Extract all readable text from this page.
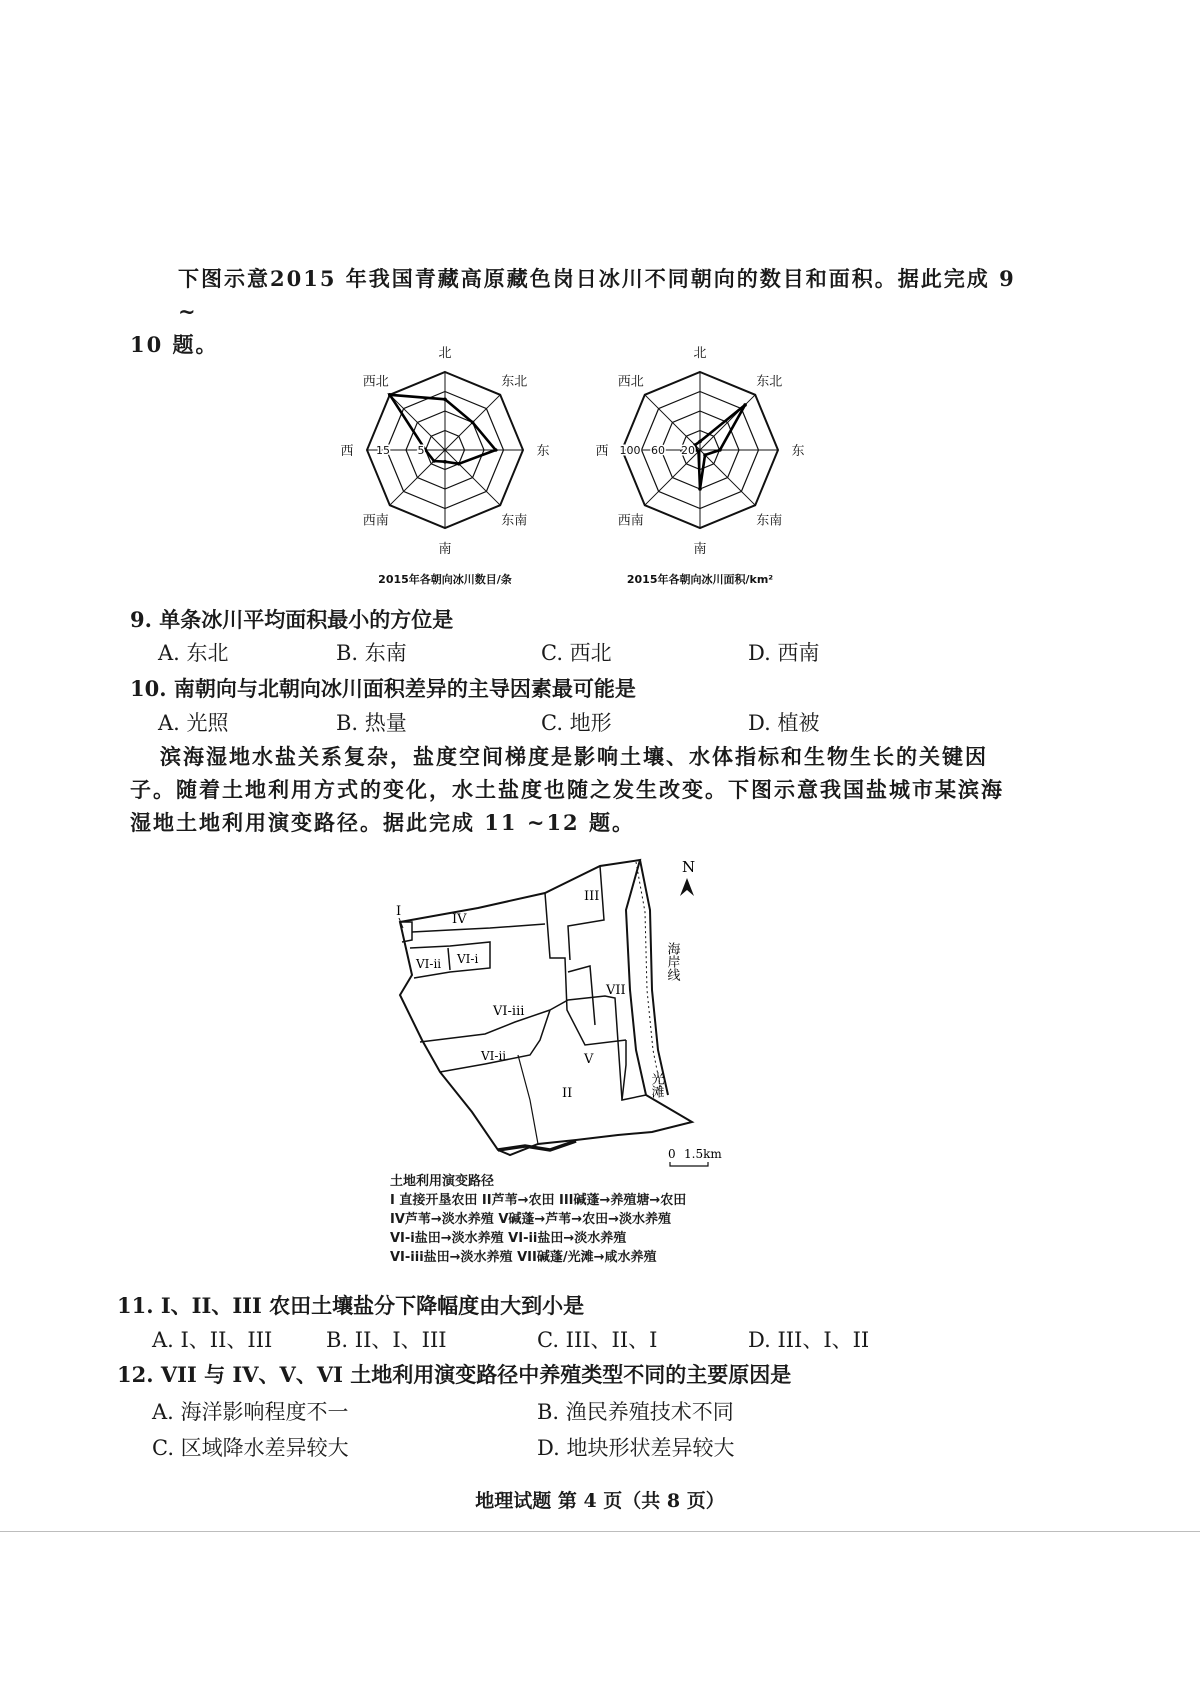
下图示意2015 年我国青藏高原藏色岗日冰川不同朝向的数目和面积。据此完成 9 ~
10 题。	北
东北
东
东南
南
西南
西
西北
15	5
2015年各朝向冰川数目/条
北
东北
东
东南
南
西南
西
西北
100 60 20
2015年各朝向冰川面积/km²
9. 单条冰川平均面积最小的方位是
A. 东北	B. 东南	C. 西北	D. 西南
10. 南朝向与北朝向冰川面积差异的主导因素最可能是
A. 光照	B. 热量	C. 地形	D. 植被
滨海湿地水盐关系复杂，盐度空间梯度是影响土壤、水体指标和生物生长的关键因
子。随着土地利用方式的变化，水土盐度也随之发生改变。下图示意我国盐城市某滨海
湿地土地利用演变路径。据此完成 11 ~12 题。
N
I
IV
VI-ii VI-i
VI-iii
VI-ii
II
III
VII
V
海岸线
光滩
0 1.5km
土地利用演变路径
I 直接开垦农田 II芦苇→农田 III碱蓬→养殖塘→农田
IV芦苇→淡水养殖 V碱蓬→芦苇→农田→淡水养殖
VI-i盐田→淡水养殖 VI-ii盐田→淡水养殖
VI-iii盐田→淡水养殖 VII碱蓬/光滩→咸水养殖
11. I、II、III 农田土壤盐分下降幅度由大到小是
A. I、II、III	B. II、I、III	C. III、II、I	D. III、I、II
12. VII 与 IV、V、VI 土地利用演变路径中养殖类型不同的主要原因是
A. 海洋影响程度不一	B. 渔民养殖技术不同
C. 区域降水差异较大	D. 地块形状差异较大
地理试题 第 4 页（共 8 页）
